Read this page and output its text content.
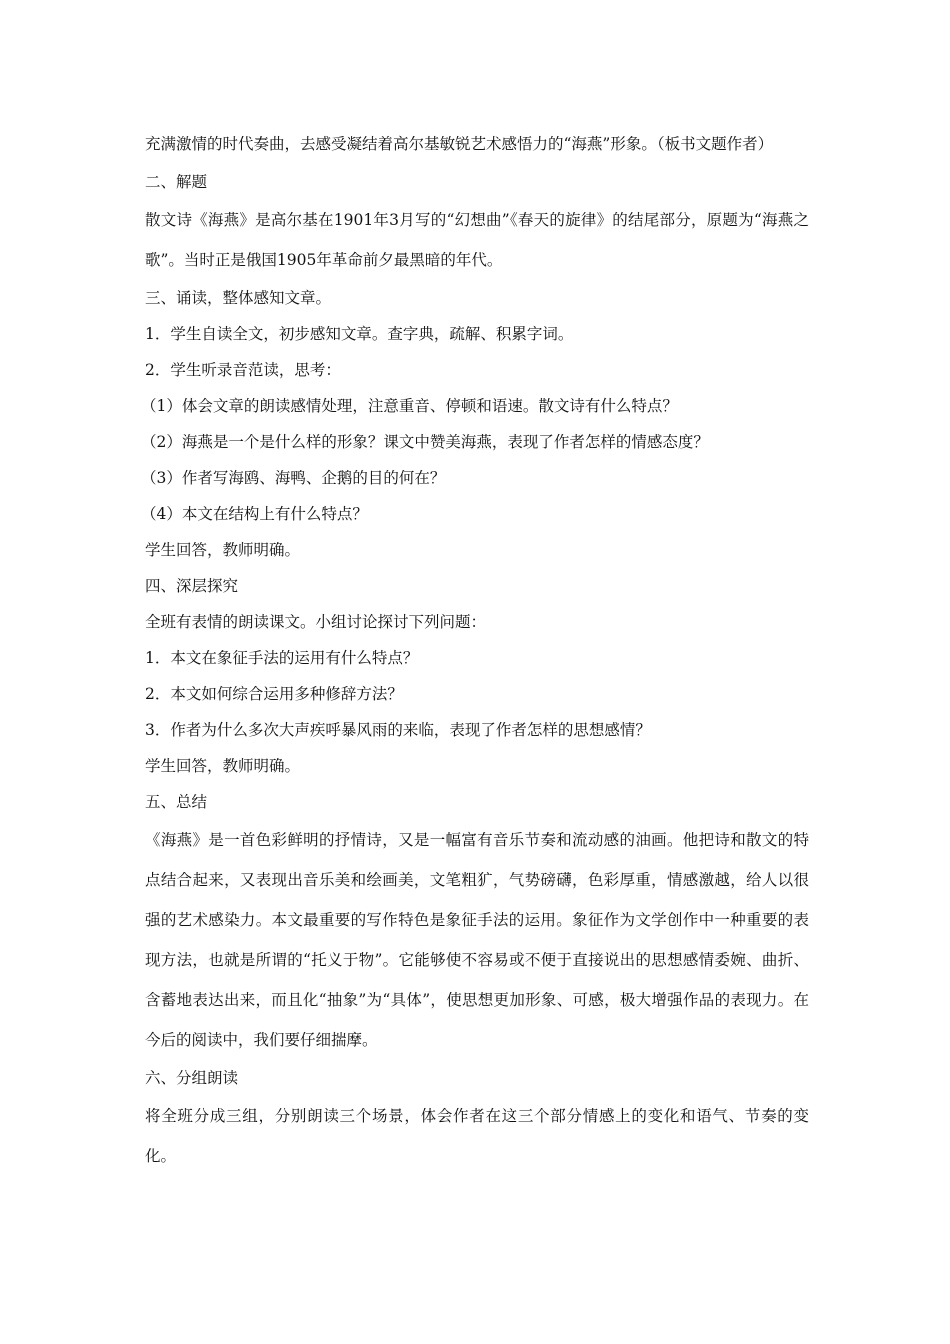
充满激情的时代奏曲，去感受凝结着高尔基敏锐艺术感悟力的“海燕”形象。（板书文题作者）
二、解题
散文诗《海燕》是高尔基在1901年3月写的“幻想曲”《春天的旋律》的结尾部分，原题为“海燕之歌”。当时正是俄国1905年革命前夕最黑暗的年代。
三、诵读，整体感知文章。
1．学生自读全文，初步感知文章。查字典，疏解、积累字词。
2．学生听录音范读，思考：
（1）体会文章的朗读感情处理，注意重音、停顿和语速。散文诗有什么特点？
（2）海燕是一个是什么样的形象？课文中赞美海燕，表现了作者怎样的情感态度？
（3）作者写海鸥、海鸭、企鹅的目的何在？
（4）本文在结构上有什么特点？
学生回答，教师明确。
四、深层探究
全班有表情的朗读课文。小组讨论探讨下列问题：
1．本文在象征手法的运用有什么特点？
2．本文如何综合运用多种修辞方法？
3．作者为什么多次大声疾呼暴风雨的来临，表现了作者怎样的思想感情？
学生回答，教师明确。
五、总结
《海燕》是一首色彩鲜明的抒情诗，又是一幅富有音乐节奏和流动感的油画。他把诗和散文的特点结合起来，又表现出音乐美和绘画美，文笔粗犷，气势磅礴，色彩厚重，情感激越，给人以很强的艺术感染力。本文最重要的写作特色是象征手法的运用。象征作为文学创作中一种重要的表现方法，也就是所谓的“托义于物”。它能够使不容易或不便于直接说出的思想感情委婉、曲折、含蓄地表达出来，而且化“抽象”为“具体”，使思想更加形象、可感，极大增强作品的表现力。在今后的阅读中，我们要仔细揣摩。
六、分组朗读
将全班分成三组，分别朗读三个场景，体会作者在这三个部分情感上的变化和语气、节奏的变化。
